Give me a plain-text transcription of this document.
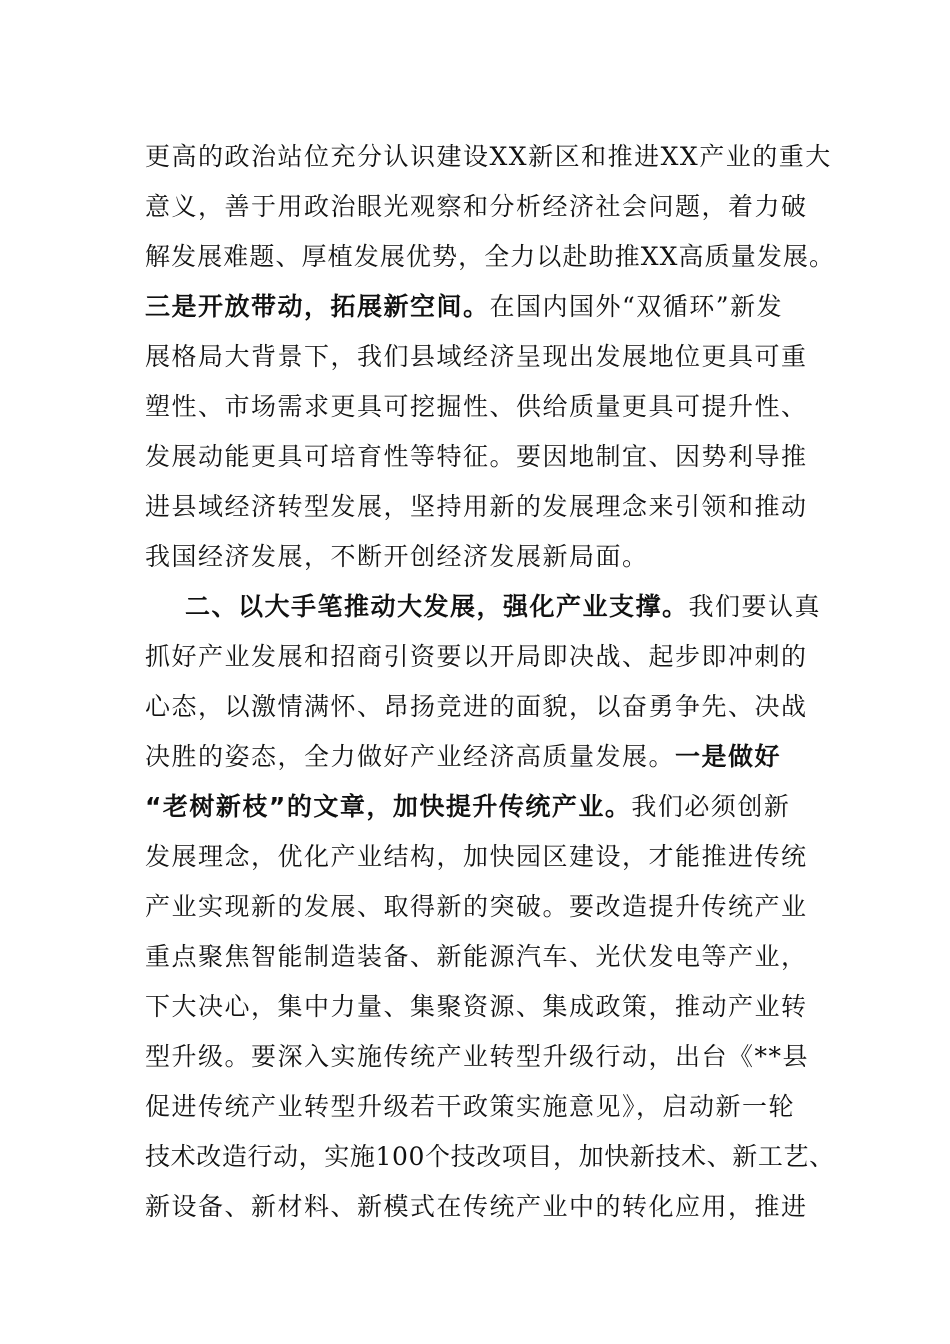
更高的政治站位充分认识建设XX新区和推进XX产业的重大
意义，善于用政治眼光观察和分析经济社会问题，着力破
解发展难题、厚植发展优势，全力以赴助推XX高质量发展。
三是开放带动，拓展新空间。在国内国外“双循环”新发
展格局大背景下，我们县域经济呈现出发展地位更具可重
塑性、市场需求更具可挖掘性、供给质量更具可提升性、
发展动能更具可培育性等特征。要因地制宜、因势利导推
进县域经济转型发展，坚持用新的发展理念来引领和推动
我国经济发展，不断开创经济发展新局面。
二、以大手笔推动大发展，强化产业支撑。我们要认真
抓好产业发展和招商引资要以开局即决战、起步即冲刺的
心态，以激情满怀、昂扬竞进的面貌，以奋勇争先、决战
决胜的姿态，全力做好产业经济高质量发展。一是做好
“老树新枝”的文章，加快提升传统产业。我们必须创新
发展理念，优化产业结构，加快园区建设，才能推进传统
产业实现新的发展、取得新的突破。要改造提升传统产业
重点聚焦智能制造装备、新能源汽车、光伏发电等产业，
下大决心，集中力量、集聚资源、集成政策，推动产业转
型升级。要深入实施传统产业转型升级行动，出台《**县
促进传统产业转型升级若干政策实施意见》，启动新一轮
技术改造行动，实施100个技改项目，加快新技术、新工艺、
新设备、新材料、新模式在传统产业中的转化应用，推进
